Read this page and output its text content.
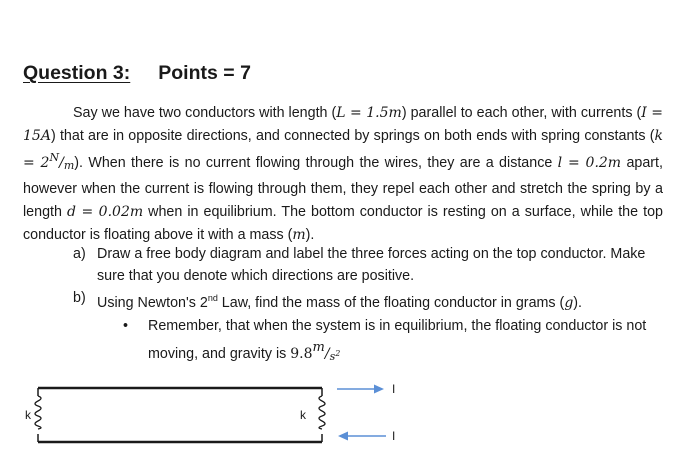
Question 3: Points = 7

Say we have two conductors with length (L = 1.5m) parallel to each other, with currents (I = 15A) that are in opposite directions, and connected by springs on both ends with spring constants $(k = 2^N/_m)$. When there is no current flowing through the wires, they are a distance l = 0.2m apart, however when the current is flowing through them, they repel each other and stretch the spring by a length d = 0.02m when in equilibrium. The bottom conductor is resting on a surface, while the top conductor is floating above it with a mass (m).

a) Draw a free body diagram and label the three forces acting on the top conductor. Make sure that you denote which directions are positive.
b) Using Newton's 2nd Law, find the mass of the floating conductor in grams (g).
•	Remember, that when the system is in equilibrium, the floating conductor is not moving, and gravity is $9.8^m/_{s^2}$
k	k
I
I
